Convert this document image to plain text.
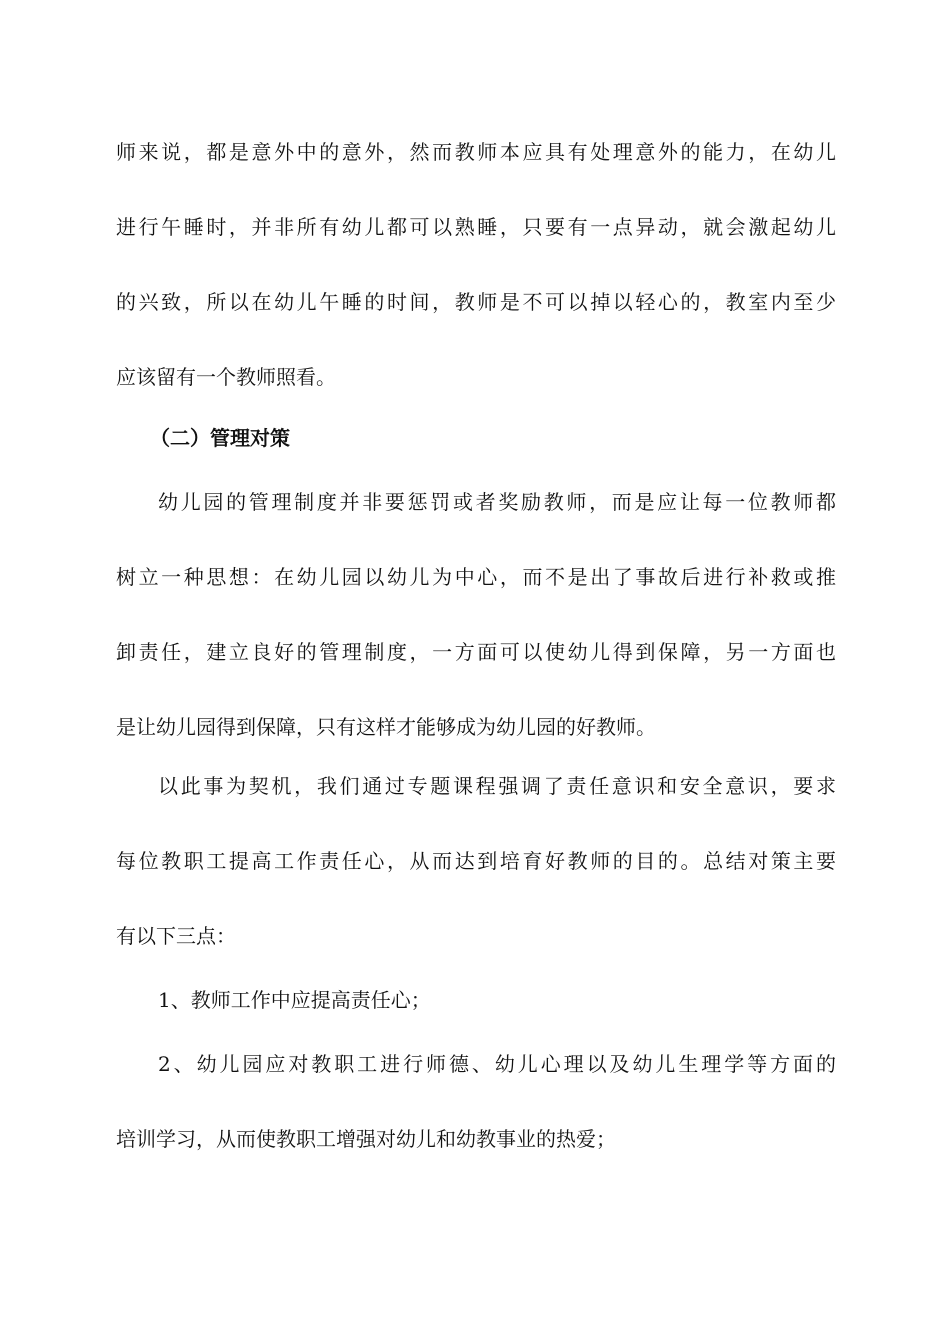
师来说，都是意外中的意外，然而教师本应具有处理意外的能力，在幼儿
进行午睡时，并非所有幼儿都可以熟睡，只要有一点异动，就会激起幼儿
的兴致，所以在幼儿午睡的时间，教师是不可以掉以轻心的，教室内至少
应该留有一个教师照看。
（二）管理对策
幼儿园的管理制度并非要惩罚或者奖励教师，而是应让每一位教师都
树立一种思想：在幼儿园以幼儿为中心，而不是出了事故后进行补救或推
卸责任，建立良好的管理制度，一方面可以使幼儿得到保障，另一方面也
是让幼儿园得到保障，只有这样才能够成为幼儿园的好教师。
以此事为契机，我们通过专题课程强调了责任意识和安全意识，要求
每位教职工提高工作责任心，从而达到培育好教师的目的。总结对策主要
有以下三点：
1、教师工作中应提高责任心；
2、幼儿园应对教职工进行师德、幼儿心理以及幼儿生理学等方面的
培训学习，从而使教职工增强对幼儿和幼教事业的热爱；
